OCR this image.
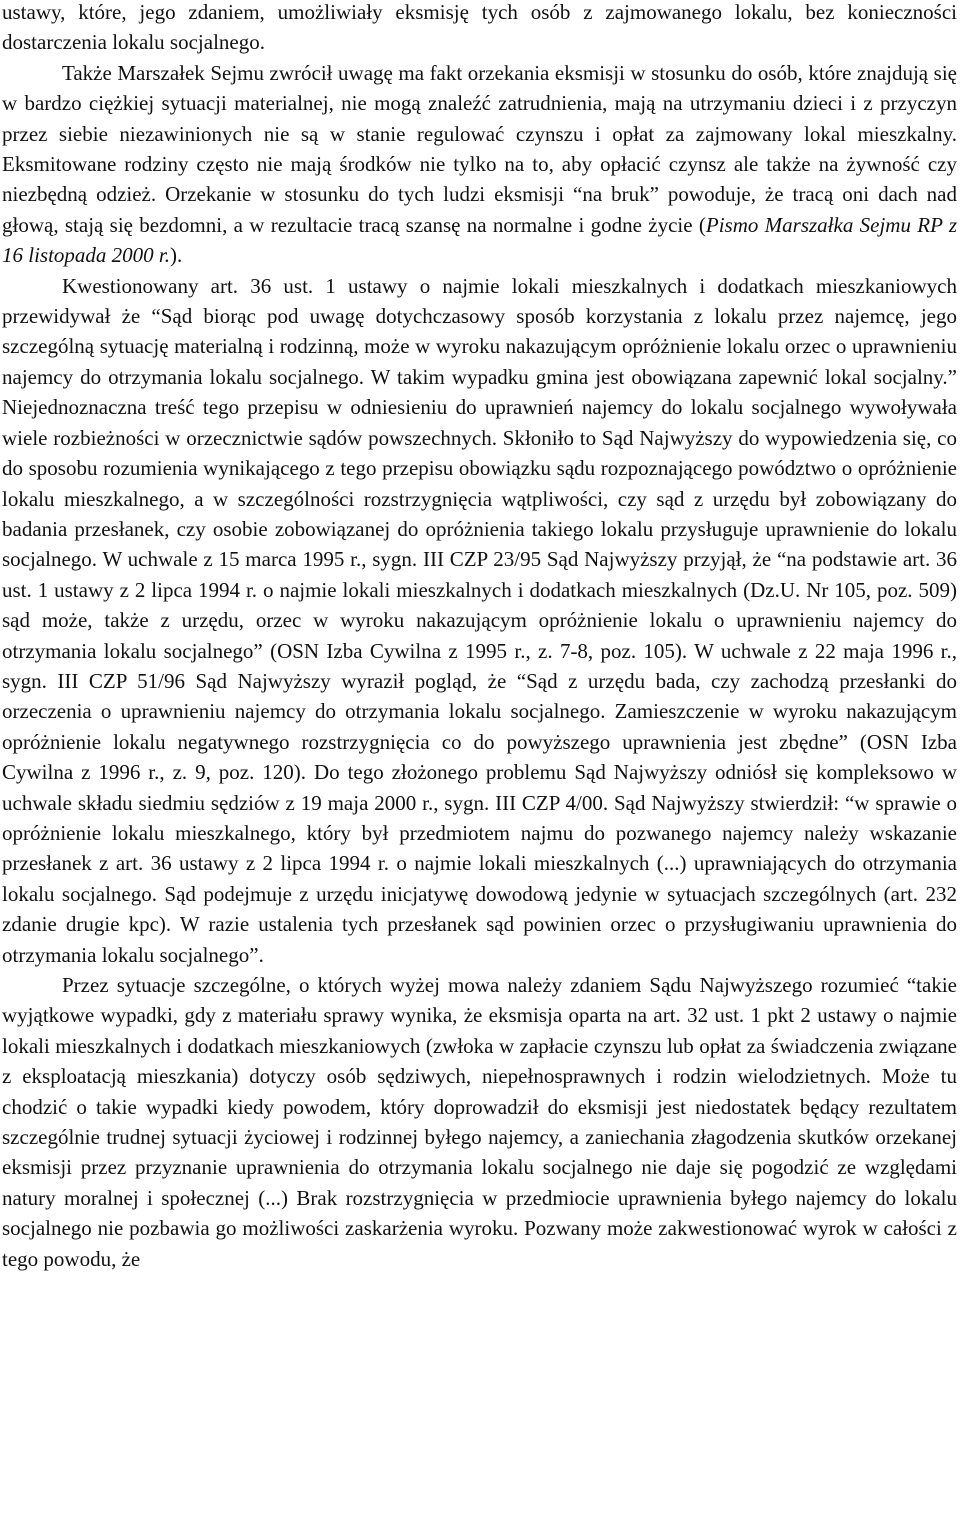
ustawy, które, jego zdaniem, umożliwiały eksmisję tych osób z zajmowanego lokalu, bez konieczności dostarczenia lokalu socjalnego.

Także Marszałek Sejmu zwrócił uwagę ma fakt orzekania eksmisji w stosunku do osób, które znajdują się w bardzo ciężkiej sytuacji materialnej, nie mogą znaleźć zatrudnienia, mają na utrzymaniu dzieci i z przyczyn przez siebie niezawinionych nie są w stanie regulować czynszu i opłat za zajmowany lokal mieszkalny. Eksmitowane rodziny często nie mają środków nie tylko na to, aby opłacić czynsz ale także na żywność czy niezbędną odzież. Orzekanie w stosunku do tych ludzi eksmisji “na bruk” powoduje, że tracą oni dach nad głową, stają się bezdomni, a w rezultacie tracą szansę na normalne i godne życie (Pismo Marszałka Sejmu RP z 16 listopada 2000 r.).

Kwestionowany art. 36 ust. 1 ustawy o najmie lokali mieszkalnych i dodatkach mieszkaniowych przewidywał że “Sąd biorąc pod uwagę dotychczasowy sposób korzystania z lokalu przez najemcę, jego szczególną sytuację materialną i rodzinną, może w wyroku nakazującym opróżnienie lokalu orzec o uprawnieniu najemcy do otrzymania lokalu socjalnego. W takim wypadku gmina jest obowiązana zapewnić lokal socjalny.” Niejednoznaczna treść tego przepisu w odniesieniu do uprawnień najemcy do lokalu socjalnego wywoływała wiele rozbieżności w orzecznictwie sądów powszechnych. Skłoniło to Sąd Najwyższy do wypowiedzenia się, co do sposobu rozumienia wynikającego z tego przepisu obowiązku sądu rozpoznającego powództwo o opróżnienie lokalu mieszkalnego, a w szczególności rozstrzygnięcia wątpliwości, czy sąd z urzędu był zobowiązany do badania przesłanek, czy osobie zobowiązanej do opróżnienia takiego lokalu przysługuje uprawnienie do lokalu socjalnego. W uchwale z 15 marca 1995 r., sygn. III CZP 23/95 Sąd Najwyższy przyjął, że “na podstawie art. 36 ust. 1 ustawy z 2 lipca 1994 r. o najmie lokali mieszkalnych i dodatkach mieszkalnych (Dz.U. Nr 105, poz. 509) sąd może, także z urzędu, orzec w wyroku nakazującym opróżnienie lokalu o uprawnieniu najemcy do otrzymania lokalu socjalnego” (OSN Izba Cywilna z 1995 r., z. 7-8, poz. 105). W uchwale z 22 maja 1996 r., sygn. III CZP 51/96 Sąd Najwyższy wyraził pogląd, że “Sąd z urzędu bada, czy zachodzą przesłanki do orzeczenia o uprawnieniu najemcy do otrzymania lokalu socjalnego. Zamieszczenie w wyroku nakazującym opróżnienie lokalu negatywnego rozstrzygnięcia co do powyższego uprawnienia jest zbędne” (OSN Izba Cywilna z 1996 r., z. 9, poz. 120). Do tego złożonego problemu Sąd Najwyższy odniósł się kompleksowo w uchwale składu siedmiu sędziów z 19 maja 2000 r., sygn. III CZP 4/00. Sąd Najwyższy stwierdził: “w sprawie o opróżnienie lokalu mieszkalnego, który był przedmiotem najmu do pozwanego najemcy należy wskazanie przesłanek z art. 36 ustawy z 2 lipca 1994 r. o najmie lokali mieszkalnych (...) uprawniających do otrzymania lokalu socjalnego. Sąd podejmuje z urzędu inicjatywę dowodową jedynie w sytuacjach szczególnych (art. 232 zdanie drugie kpc). W razie ustalenia tych przesłanek sąd powinien orzec o przysługiwaniu uprawnienia do otrzymania lokalu socjalnego”.

Przez sytuacje szczególne, o których wyżej mowa należy zdaniem Sądu Najwyższego rozumieć “takie wyjątkowe wypadki, gdy z materiału sprawy wynika, że eksmisja oparta na art. 32 ust. 1 pkt 2 ustawy o najmie lokali mieszkalnych i dodatkach mieszkaniowych (zwłoka w zapłacie czynszu lub opłat za świadczenia związane z eksploatacją mieszkania) dotyczy osób sędziwych, niepełnosprawnych i rodzin wielodzietnych. Może tu chodzić o takie wypadki kiedy powodem, który doprowadził do eksmisji jest niedostatek będący rezultatem szczególnie trudnej sytuacji życiowej i rodzinnej byłego najemcy, a zaniechania złagodzenia skutków orzekanej eksmisji przez przyznanie uprawnienia do otrzymania lokalu socjalnego nie daje się pogodzić ze względami natury moralnej i społecznej (...) Brak rozstrzygnięcia w przedmiocie uprawnienia byłego najemcy do lokalu socjalnego nie pozbawia go możliwości zaskarżenia wyroku. Pozwany może zakwestionować wyrok w całości z tego powodu, że
